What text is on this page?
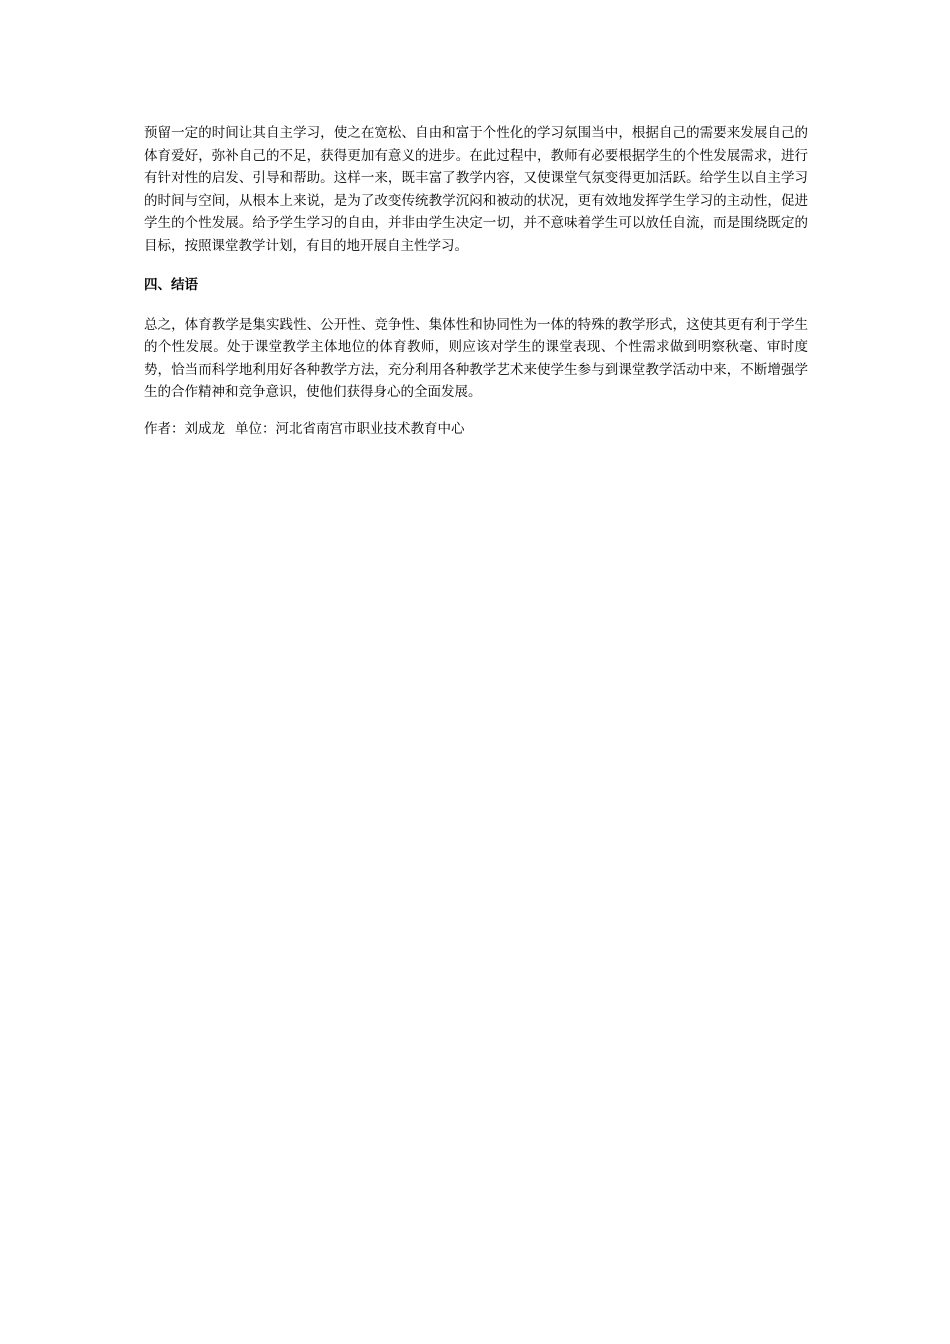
预留一定的时间让其自主学习，使之在宽松、自由和富于个性化的学习氛围当中，根据自己的需要来发展自己的体育爱好，弥补自己的不足，获得更加有意义的进步。在此过程中，教师有必要根据学生的个性发展需求，进行有针对性的启发、引导和帮助。这样一来，既丰富了教学内容，又使课堂气氛变得更加活跃。给学生以自主学习的时间与空间，从根本上来说，是为了改变传统教学沉闷和被动的状况，更有效地发挥学生学习的主动性，促进学生的个性发展。给予学生学习的自由，并非由学生决定一切，并不意味着学生可以放任自流，而是围绕既定的目标，按照课堂教学计划，有目的地开展自主性学习。

四、结语

总之，体育教学是集实践性、公开性、竞争性、集体性和协同性为一体的特殊的教学形式，这使其更有利于学生的个性发展。处于课堂教学主体地位的体育教师，则应该对学生的课堂表现、个性需求做到明察秋毫、审时度势，恰当而科学地利用好各种教学方法，充分利用各种教学艺术来使学生参与到课堂教学活动中来，不断增强学生的合作精神和竞争意识，使他们获得身心的全面发展。

作者：刘成龙 单位：河北省南宫市职业技术教育中心
